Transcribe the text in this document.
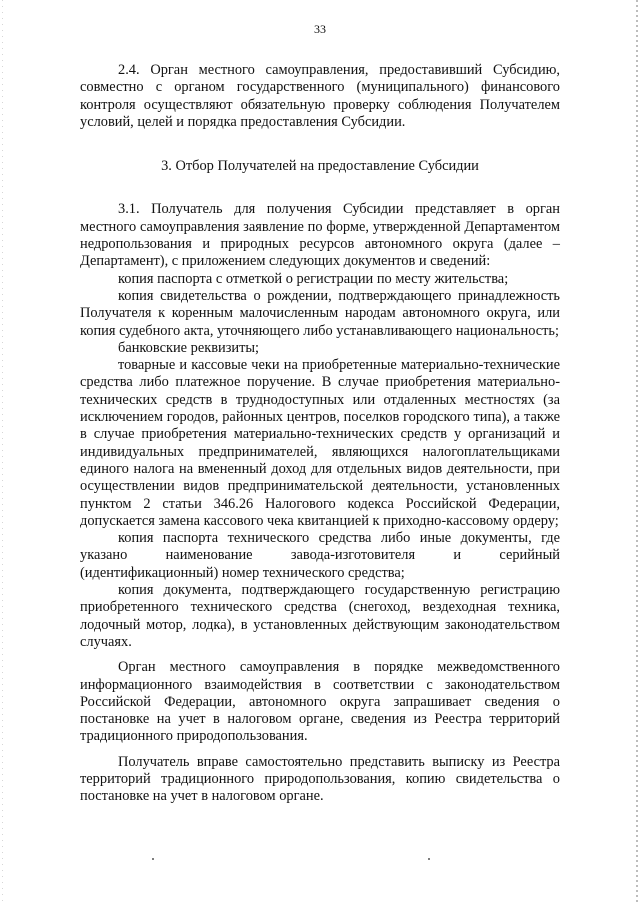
33

2.4. Орган местного самоуправления, предоставивший Субсидию, совместно с органом государственного (муниципального) финансового контроля осуществляют обязательную проверку соблюдения Получателем условий, целей и порядка предоставления Субсидии.

3. Отбор Получателей на предоставление Субсидии

3.1. Получатель для получения Субсидии представляет в орган местного самоуправления заявление по форме, утвержденной Департаментом недропользования и природных ресурсов автономного округа (далее – Департамент), с приложением следующих документов и сведений:

копия паспорта с отметкой о регистрации по месту жительства;

копия свидетельства о рождении, подтверждающего принадлежность Получателя к коренным малочисленным народам автономного округа, или копия судебного акта, уточняющего либо устанавливающего национальность;

банковские реквизиты;

товарные и кассовые чеки на приобретенные материально-технические средства либо платежное поручение. В случае приобретения материально-технических средств в труднодоступных или отдаленных местностях (за исключением городов, районных центров, поселков городского типа), а также в случае приобретения материально-технических средств у организаций и индивидуальных предпринимателей, являющихся налогоплательщиками единого налога на вмененный доход для отдельных видов деятельности, при осуществлении видов предпринимательской деятельности, установленных пунктом 2 статьи 346.26 Налогового кодекса Российской Федерации, допускается замена кассового чека квитанцией к приходно-кассовому ордеру;

копия паспорта технического средства либо иные документы, где указано наименование завода-изготовителя и серийный (идентификационный) номер технического средства;

копия документа, подтверждающего государственную регистрацию приобретенного технического средства (снегоход, вездеходная техника, лодочный мотор, лодка), в установленных действующим законодательством случаях.

Орган местного самоуправления в порядке межведомственного информационного взаимодействия в соответствии с законодательством Российской Федерации, автономного округа запрашивает сведения о постановке на учет в налоговом органе, сведения из Реестра территорий традиционного природопользования.

Получатель вправе самостоятельно представить выписку из Реестра территорий традиционного природопользования, копию свидетельства о постановке на учет в налоговом органе.
